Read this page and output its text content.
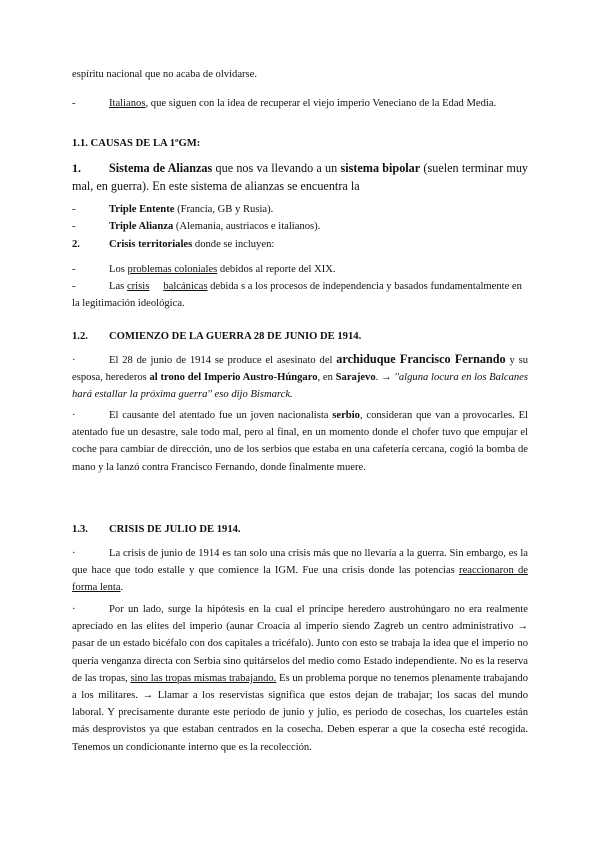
espíritu nacional que no acaba de olvidarse.

-	Italianos, que siguen con la idea de recuperar el viejo imperio Veneciano de la Edad Media.

1.1. CAUSAS DE LA 1ºGM:

1. Sistema de Alianzas que nos va llevando a un sistema bipolar (suelen terminar muy mal, en guerra). En este sistema de alianzas se encuentra la

-	Triple Entente (Francia, GB y Rusia).

-	Triple Alianza (Alemania, austriacos e italianos).

2.	Crisis territoriales donde se incluyen:

-	Los problemas coloniales debidos al reporte del XIX.

-	Las crisis balcánicas debida s a los procesos de independencia y basados fundamentalmente en la legitimación ideológica.

1.2. COMIENZO DE LA GUERRA 28 DE JUNIO DE 1914.

·	El 28 de junio de 1914 se produce el asesinato del archiduque Francisco Fernando y su esposa, herederos al trono del Imperio Austro-Húngaro, en Sarajevo. → ''alguna locura en los Balcanes hará estallar la próxima guerra'' eso dijo Bismarck.

·	El causante del atentado fue un joven nacionalista serbio, consideran que van a provocarles. El atentado fue un desastre, sale todo mal, pero al final, en un momento donde el chofer tuvo que empujar el coche para cambiar de dirección, uno de los serbios que estaba en una cafetería cercana, cogió la bomba de mano y la lanzó contra Francisco Fernando, donde finalmente muere.

1.3. CRISIS DE JULIO DE 1914.

·	La crisis de junio de 1914 es tan solo una crisis más que no llevaría a la guerra. Sin embargo, es la que hace que todo estalle y que comience la IGM. Fue una crisis donde las potencias reaccionaron de forma lenta.

·	Por un lado, surge la hipótesis en la cual el príncipe heredero austrohúngaro no era realmente apreciado en las elites del imperio (aunar Croacia al imperio siendo Zagreb un centro administrativo → pasar de un estado bicéfalo con dos capitales a tricéfalo). Junto con esto se trabaja la idea que el imperio no quería venganza directa con Serbia sino quitárselos del medio como Estado independiente. No es la reserva de las tropas, sino las tropas mismas trabajando. Es un problema porque no tenemos plenamente trabajando a los militares. → Llamar a los reservistas significa que estos dejan de trabajar; los sacas del mundo laboral. Y precisamente durante este periodo de junio y julio, es periodo de cosechas, los cuarteles están más desprovistos ya que estaban centrados en la cosecha. Deben esperar a que la cosecha esté recogida. Tenemos un condicionante interno que es la recolección.
